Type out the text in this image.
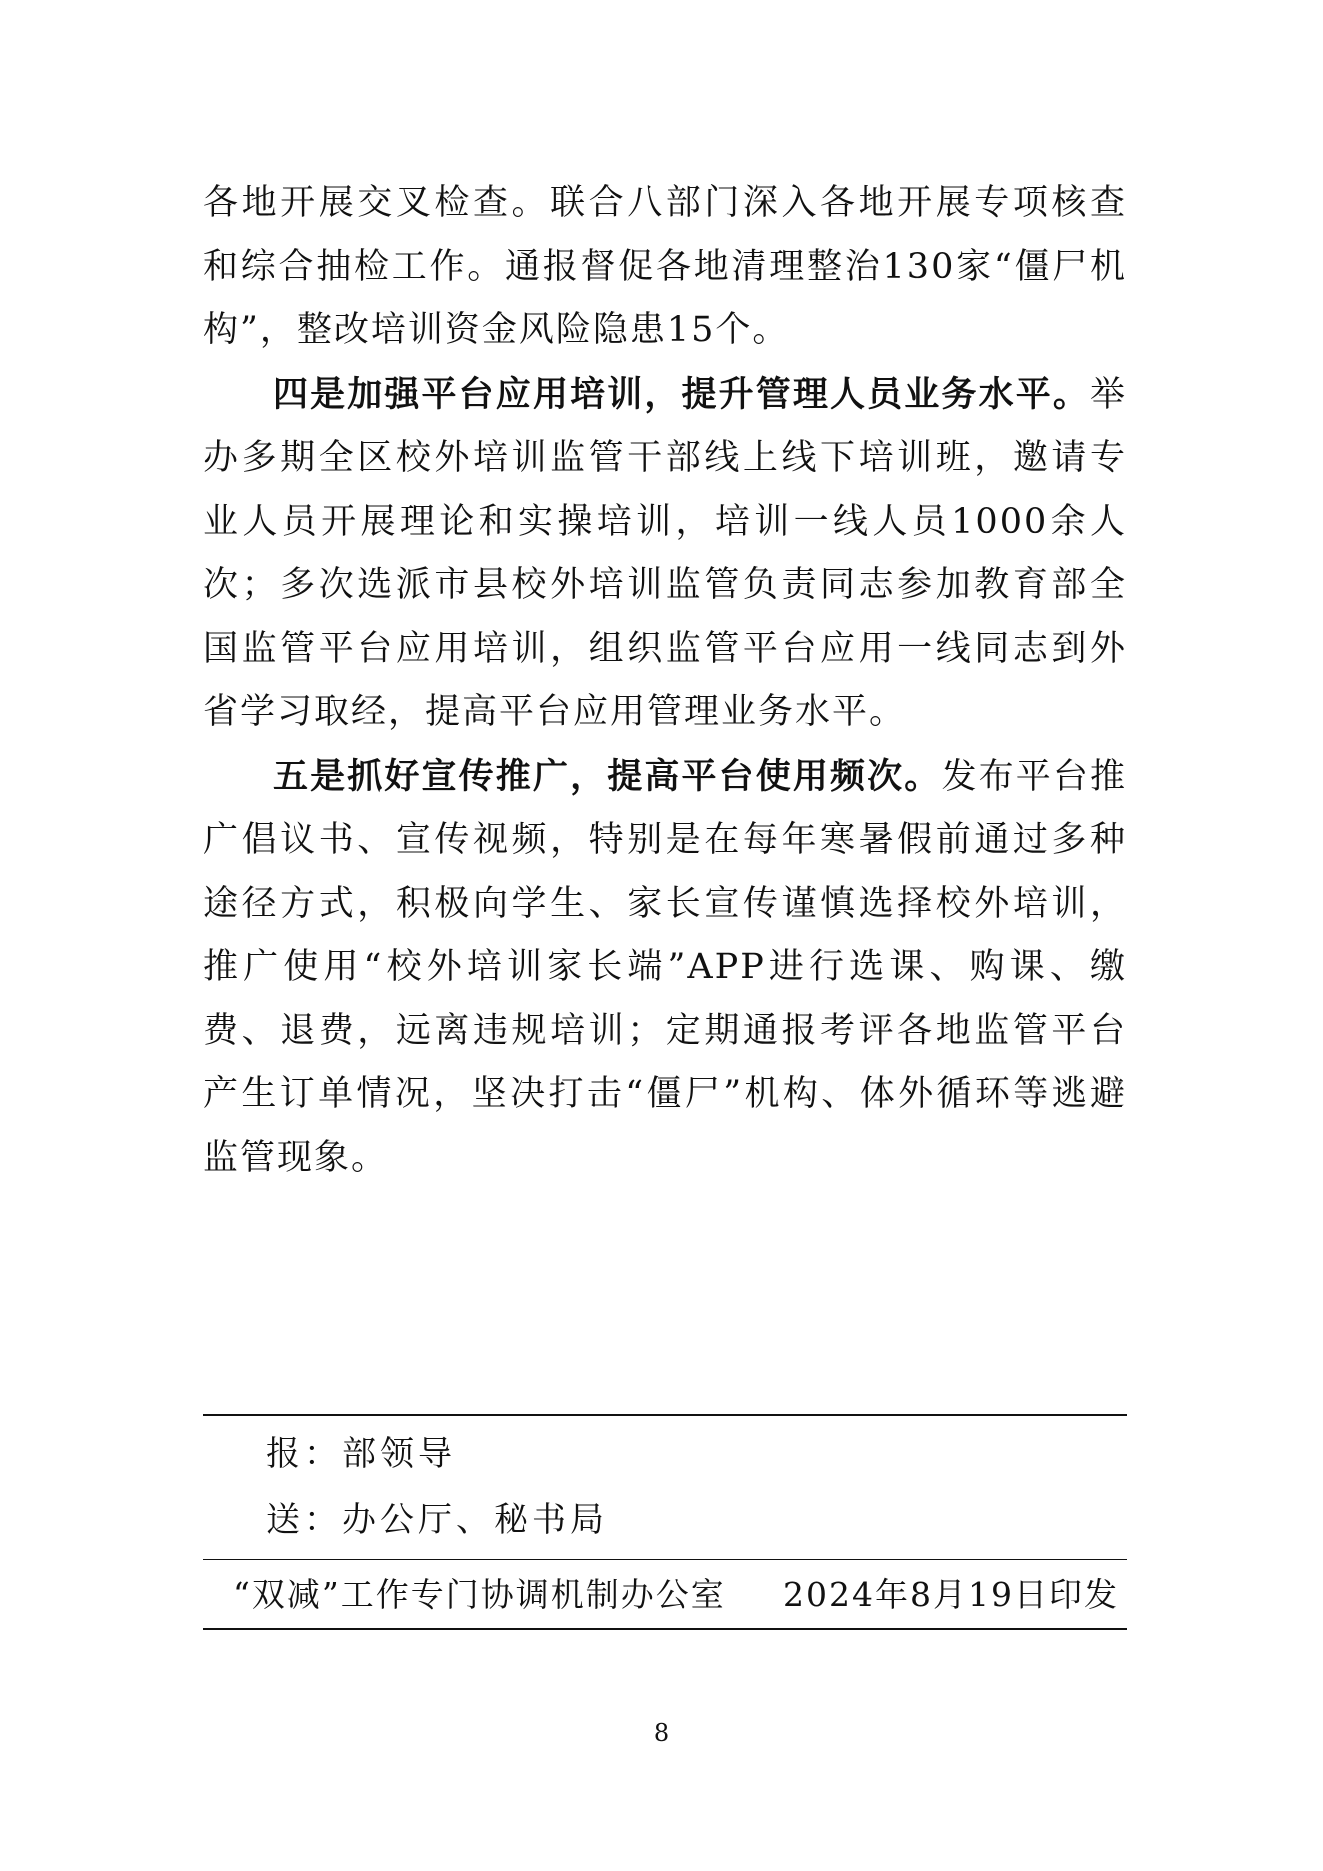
各地开展交叉检查。联合八部门深入各地开展专项核查和综合抽检工作。通报督促各地清理整治130家“僵尸机构”，整改培训资金风险隐患15个。

四是加强平台应用培训，提升管理人员业务水平。举办多期全区校外培训监管干部线上线下培训班，邀请专业人员开展理论和实操培训，培训一线人员1000余人次；多次选派市县校外培训监管负责同志参加教育部全国监管平台应用培训，组织监管平台应用一线同志到外省学习取经，提高平台应用管理业务水平。

五是抓好宣传推广，提高平台使用频次。发布平台推广倡议书、宣传视频，特别是在每年寒暑假前通过多种途径方式，积极向学生、家长宣传谨慎选择校外培训，推广使用“校外培训家长端”APP进行选课、购课、缴费、退费，远离违规培训；定期通报考评各地监管平台产生订单情况，坚决打击“僵尸”机构、体外循环等逃避监管现象。

报：部领导
送：办公厅、秘书局
“双减”工作专门协调机制办公室 2024年8月19日印发
8
